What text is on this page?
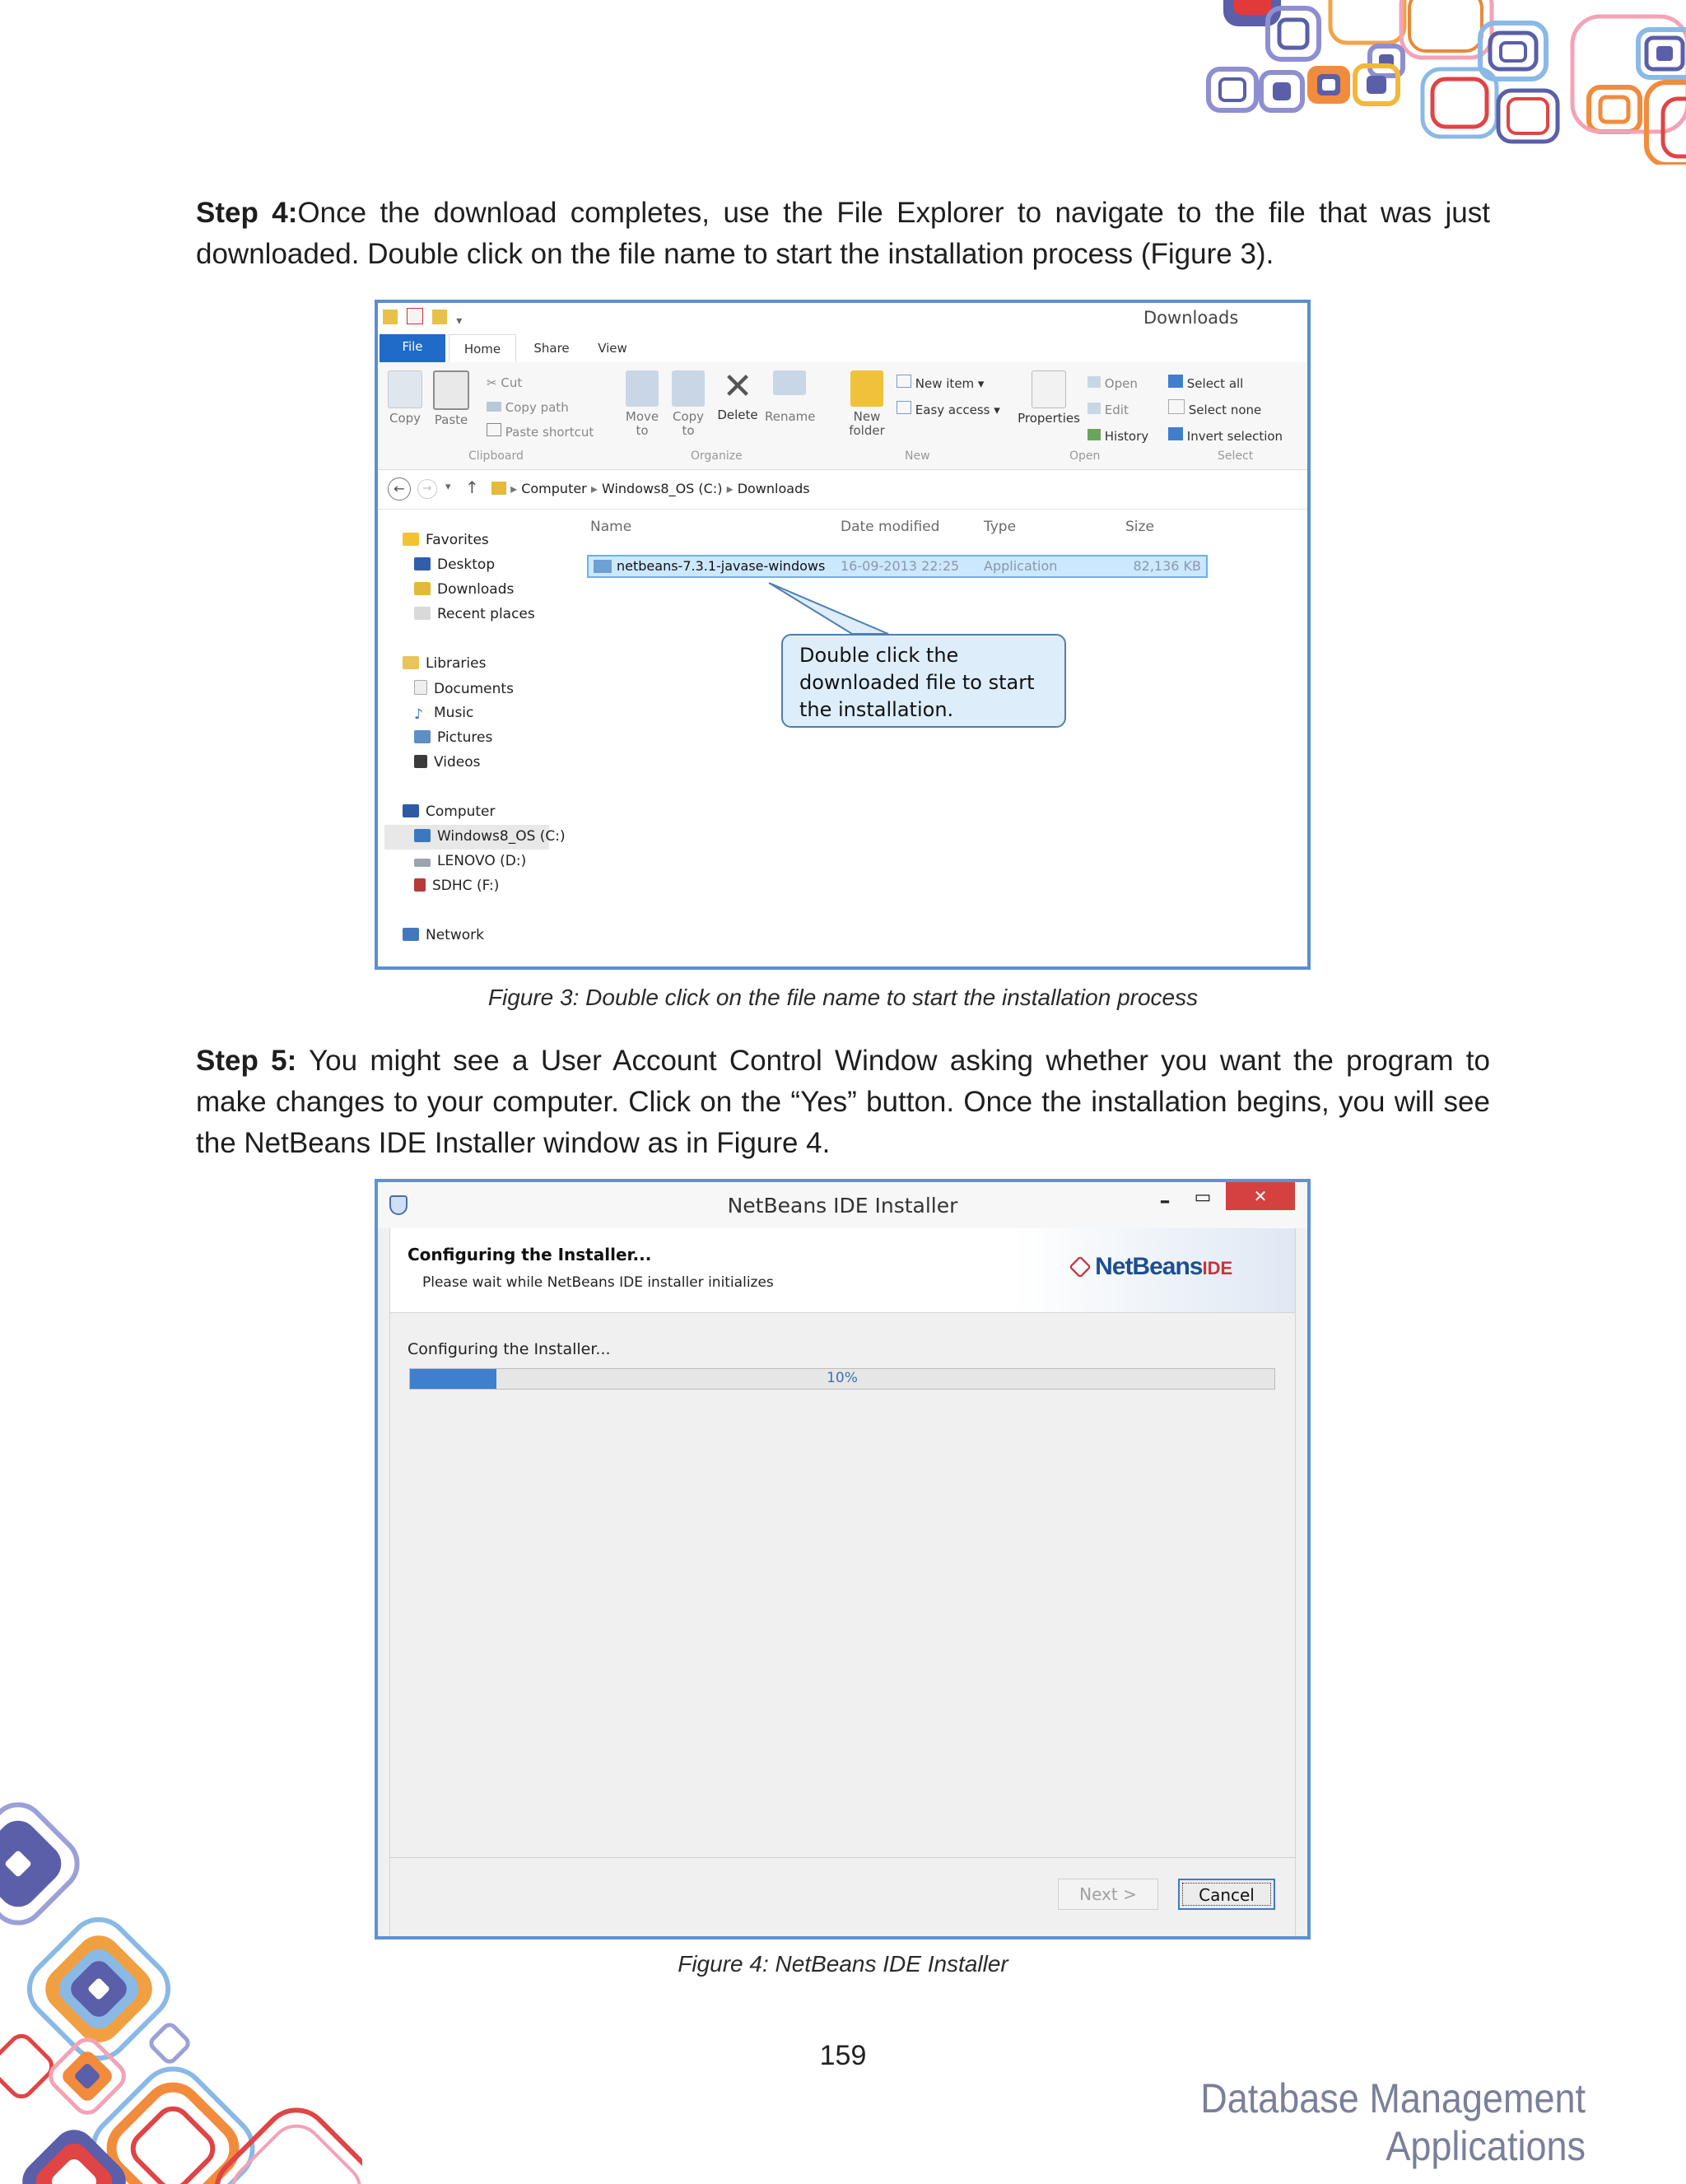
Step 4:Once the download completes, use the File Explorer to navigate to the file that was just downloaded. Double click on the file name to start the installation process (Figure 3).
▾	Downloads
File	Home	Share	View

Copy Paste
✂ Cut
Copy path
Paste shortcut
Clipboard

Move to

Copy to
✕
Delete Rename
Organize

New folder
New item ▾
Easy access ▾
New

Properties
Open
Edit
History
Open
Select all
Select none
Invert selection
Select
←	→	▾ ↑	▸ Computer ▸ Windows8_OS (C:) ▸ Downloads
Favorites
Desktop
Downloads
Recent places
Libraries
Documents
♪ Music
Pictures
Videos
Computer
Windows8_OS (C:)
LENOVO (D:)
SDHC (F:)
Network
Name	Date modified	Type	Size
netbeans-7.3.1-javase-windows 16-09-2013 22:25 Application	82,136 KB
Double click the downloaded file to start the installation.
Figure 3: Double click on the file name to start the installation process
Step 5: You might see a User Account Control Window asking whether you want the program to make changes to your computer. Click on the “Yes” button. Once the installation begins, you will see the NetBeans IDE Installer window as in Figure 4.
NetBeans IDE Installer	–	▭	✕
Configuring the Installer...
Please wait while NetBeans IDE installer initializes
NetBeansIDE
Configuring the Installer...
10%
Next >	Cancel
Figure 4: NetBeans IDE Installer
159
Database Management Applications
